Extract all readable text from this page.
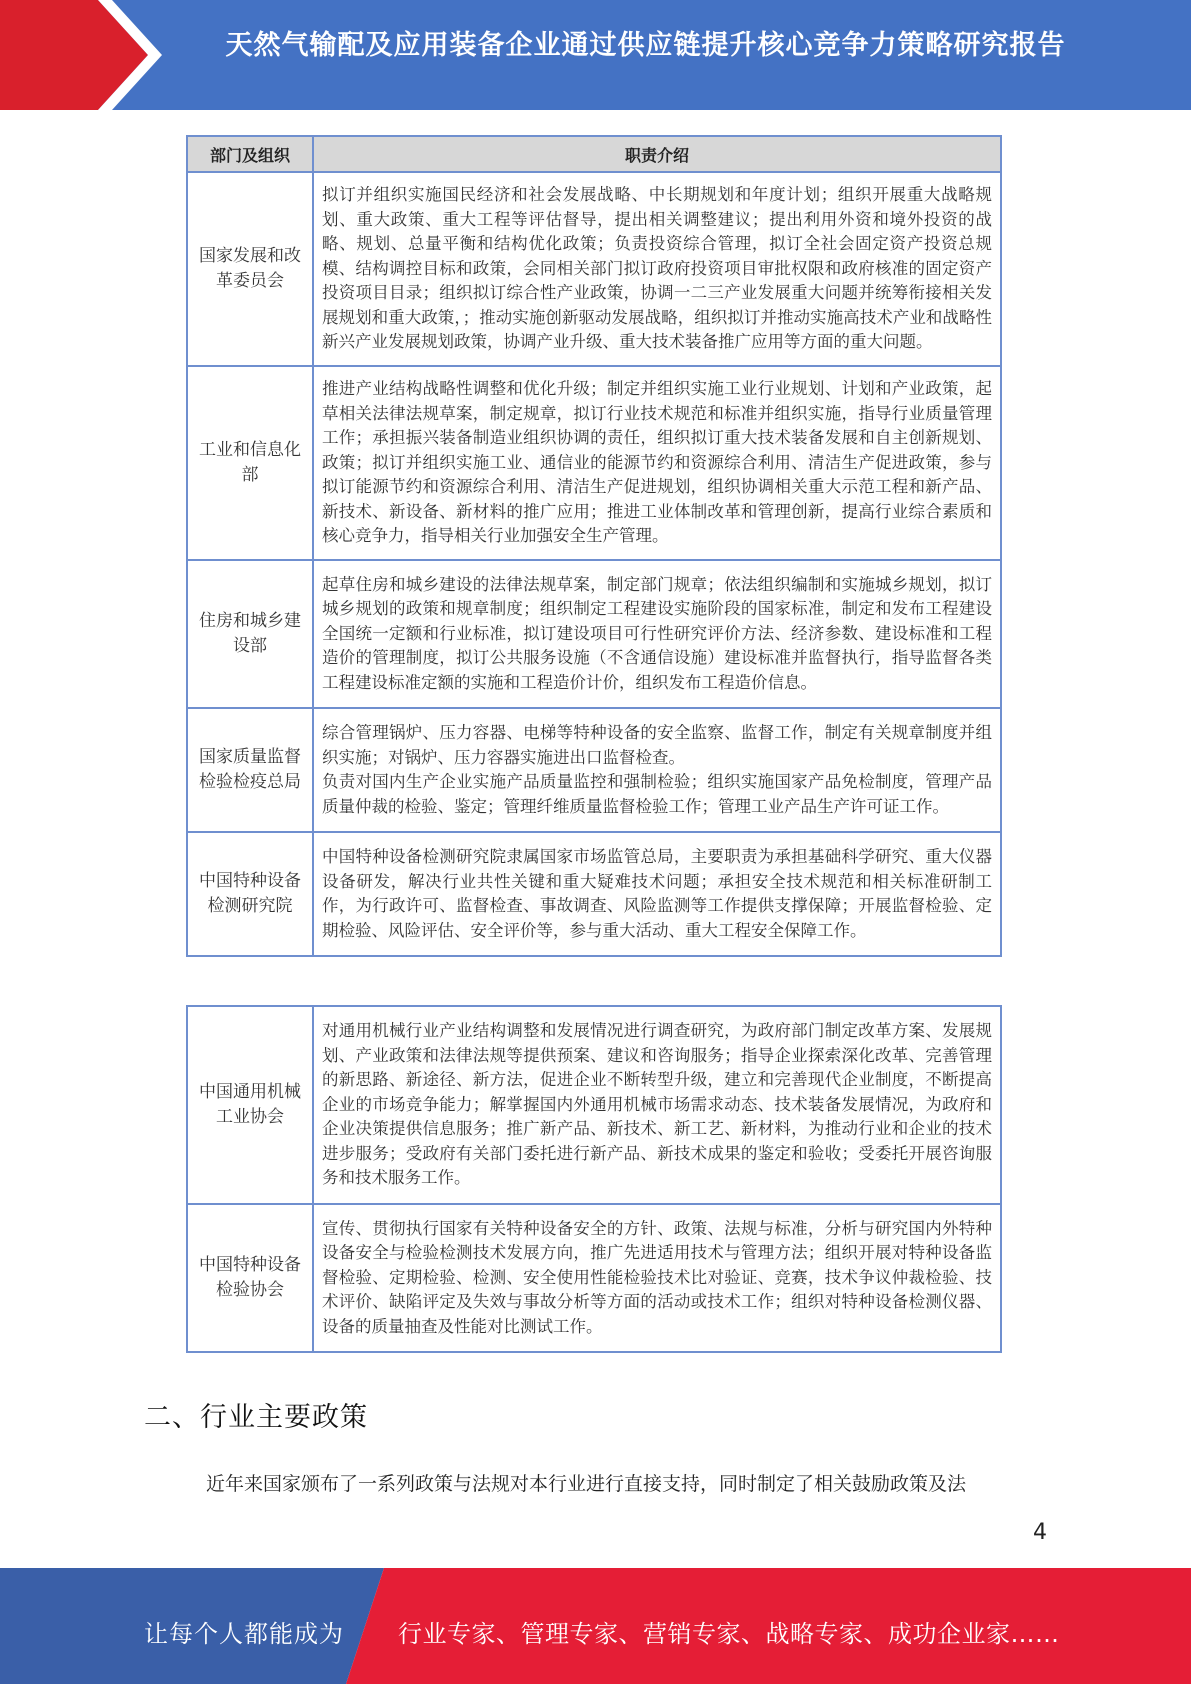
天然气输配及应用装备企业通过供应链提升核心竞争力策略研究报告
部门及组织	职责介绍
国家发展和改革委员会	拟订并组织实施国民经济和社会发展战略、中长期规划和年度计划；组织开展重大战略规划、重大政策、重大工程等评估督导，提出相关调整建议；提出利用外资和境外投资的战略、规划、总量平衡和结构优化政策；负责投资综合管理，拟订全社会固定资产投资总规模、结构调控目标和政策，会同相关部门拟订政府投资项目审批权限和政府核准的固定资产投资项目目录；组织拟订综合性产业政策，协调一二三产业发展重大问题并统筹衔接相关发展规划和重大政策，；推动实施创新驱动发展战略，组织拟订并推动实施高技术产业和战略性新兴产业发展规划政策，协调产业升级、重大技术装备推广应用等方面的重大问题。
工业和信息化部	推进产业结构战略性调整和优化升级；制定并组织实施工业行业规划、计划和产业政策，起草相关法律法规草案，制定规章，拟订行业技术规范和标准并组织实施，指导行业质量管理工作；承担振兴装备制造业组织协调的责任，组织拟订重大技术装备发展和自主创新规划、政策；拟订并组织实施工业、通信业的能源节约和资源综合利用、清洁生产促进政策，参与拟订能源节约和资源综合利用、清洁生产促进规划，组织协调相关重大示范工程和新产品、新技术、新设备、新材料的推广应用；推进工业体制改革和管理创新，提高行业综合素质和核心竞争力，指导相关行业加强安全生产管理。
住房和城乡建设部	起草住房和城乡建设的法律法规草案，制定部门规章；依法组织编制和实施城乡规划，拟订城乡规划的政策和规章制度；组织制定工程建设实施阶段的国家标准，制定和发布工程建设全国统一定额和行业标准，拟订建设项目可行性研究评价方法、经济参数、建设标准和工程造价的管理制度，拟订公共服务设施（不含通信设施）建设标准并监督执行，指导监督各类工程建设标准定额的实施和工程造价计价，组织发布工程造价信息。
国家质量监督检验检疫总局	综合管理锅炉、压力容器、电梯等特种设备的安全监察、监督工作，制定有关规章制度并组织实施；对锅炉、压力容器实施进出口监督检查。
负责对国内生产企业实施产品质量监控和强制检验；组织实施国家产品免检制度，管理产品质量仲裁的检验、鉴定；管理纤维质量监督检验工作；管理工业产品生产许可证工作。

中国特种设备检测研究院	中国特种设备检测研究院隶属国家市场监管总局，主要职责为承担基础科学研究、重大仪器设备研发，解决行业共性关键和重大疑难技术问题；承担安全技术规范和相关标准研制工作，为行政许可、监督检查、事故调查、风险监测等工作提供支撑保障；开展监督检验、定期检验、风险评估、安全评价等，参与重大活动、重大工程安全保障工作。
中国通用机械工业协会	对通用机械行业产业结构调整和发展情况进行调查研究，为政府部门制定改革方案、发展规划、产业政策和法律法规等提供预案、建议和咨询服务；指导企业探索深化改革、完善管理的新思路、新途径、新方法，促进企业不断转型升级，建立和完善现代企业制度，不断提高企业的市场竞争能力；解掌握国内外通用机械市场需求动态、技术装备发展情况，为政府和企业决策提供信息服务；推广新产品、新技术、新工艺、新材料，为推动行业和企业的技术进步服务；受政府有关部门委托进行新产品、新技术成果的鉴定和验收；受委托开展咨询服务和技术服务工作。
中国特种设备检验协会	宣传、贯彻执行国家有关特种设备安全的方针、政策、法规与标准，分析与研究国内外特种设备安全与检验检测技术发展方向，推广先进适用技术与管理方法；组织开展对特种设备监督检验、定期检验、检测、安全使用性能检验技术比对验证、竞赛，技术争议仲裁检验、技术评价、缺陷评定及失效与事故分析等方面的活动或技术工作；组织对特种设备检测仪器、设备的质量抽查及性能对比测试工作。
二、行业主要政策
近年来国家颁布了一系列政策与法规对本行业进行直接支持，同时制定了相关鼓励政策及法
4
让每个人都能成为 行业专家、管理专家、营销专家、战略专家、成功企业家……
